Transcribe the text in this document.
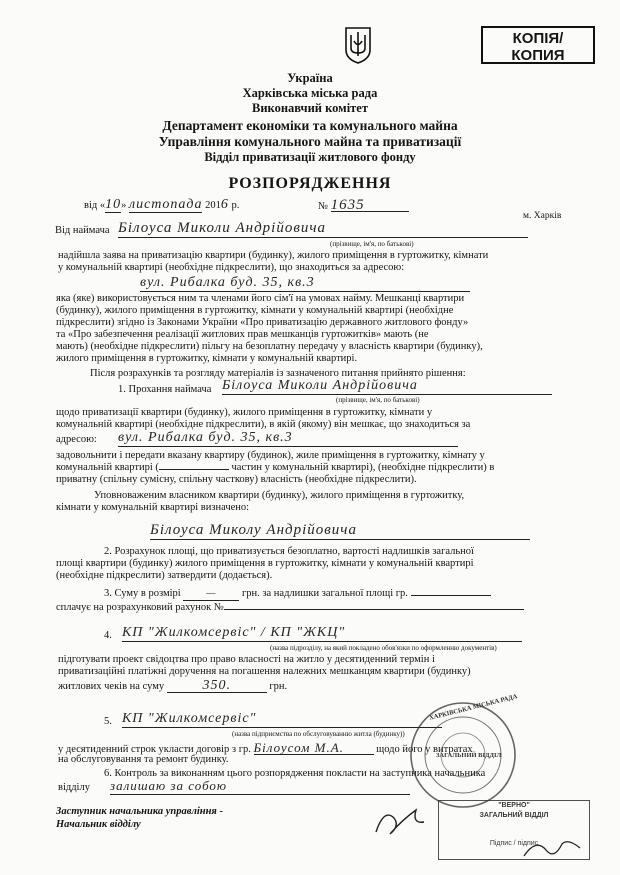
КОПІЯ/
КОПИЯ
Україна
Харківська міська рада
Виконавчий комітет
Департамент економіки та комунального майна
Управління комунального майна та приватизації
Відділ приватизації житлового фонду
РОЗПОРЯДЖЕННЯ
від «10» листопада 2016 р.	№ 1635
м. Харків
Від наймача Білоуса Миколи Андрійовича
(прізвище, ім'я, по батькові)
надійшла заява на приватизацію квартири (будинку), жилого приміщення в гуртожитку, кімнати
у комунальній квартирі (необхідне підкреслити), що знаходиться за адресою:
вул. Рибалка буд. 35, кв.3
яка (яке) використовується ним та членами його сім'ї на умовах найму. Мешканці квартири
(будинку), жилого приміщення в гуртожитку, кімнати у комунальній квартирі (необхідне
підкреслити) згідно із Законами України «Про приватизацію державного житлового фонду»
та «Про забезпечення реалізації житлових прав мешканців гуртожитків» мають (не
мають) (необхідне підкреслити) пільгу на безоплатну передачу у власність квартири (будинку),
жилого приміщення в гуртожитку, кімнати у комунальній квартирі.
Після розрахунків та розгляду матеріалів із зазначеного питання прийнято рішення:
1. Прохання наймача Білоуса Миколи Андрійовича
(прізвище, ім'я, по батькові)
щодо приватизації квартири (будинку), жилого приміщення в гуртожитку, кімнати у
комунальній квартирі (необхідне підкреслити), в якій (якому) він мешкає, що знаходиться за
адресою: вул. Рибалка буд. 35, кв.3
задовольнити і передати вказану квартиру (будинок), жиле приміщення в гуртожитку, кімнату у
комунальній квартирі (	частин у комунальній квартирі), (необхідне підкреслити) в
приватну (спільну сумісну, спільну часткову) власність (необхідне підкреслити).
Уповноваженим власником квартири (будинку), жилого приміщення в гуртожитку,
кімнати у комунальній квартирі визначено:
Білоуса Миколу Андрійовича
2. Розрахунок площі, що приватизується безоплатно, вартості надлишків загальної
площі квартири (будинку) жилого приміщення в гуртожитку, кімнати у комунальній квартирі
(необхідне підкреслити) затвердити (додається).
3. Суму в розмірі — грн. за надлишки загальної площі гр.
сплачує на розрахунковий рахунок №
4. КП "Жилкомсервіс" / КП "ЖКЦ"
(назва підрозділу, на який покладено обов'язки по оформленню документів)
підготувати проект свідоцтва про право власності на житло у десятиденний термін і
приватизаційні платіжні доручення на погашення належних мешканцям квартири (будинку)
житлових чеків на суму	350.	грн.
5. КП "Жилкомсервіс"
(назва підприємства по обслуговуванню житла (будинку))
у десятиденний строк укласти договір з гр. Білоусом М.А.	щодо його у витратах
на обслуговування та ремонт будинку.
6. Контроль за виконанням цього розпорядження покласти на заступника начальника
відділу залишаю за собою
Заступник начальника управління -
Начальник відділу
ХАРКІВСЬКА МІСЬКА РАДА
ЗАГАЛЬНИЙ ВІДДІЛ
"ВЕРНО"
ЗАГАЛЬНИЙ ВІДДІЛ
Підпис / підпис
